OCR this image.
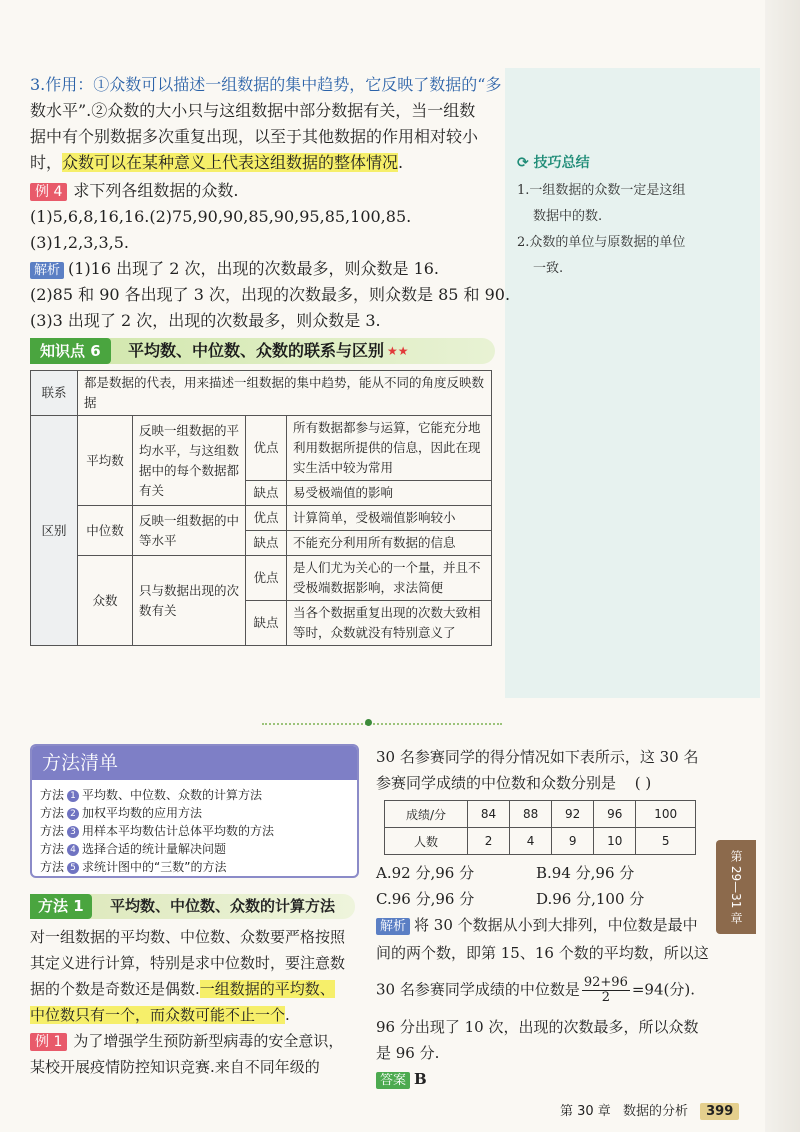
3.作用：①众数可以描述一组数据的集中趋势，它反映了数据的“多
数水平”.②众数的大小只与这组数据中部分数据有关，当一组数
据中有个别数据多次重复出现，以至于其他数据的作用相对较小
时，众数可以在某种意义上代表这组数据的整体情况.
例 4 求下列各组数据的众数.
(1)5,6,8,16,16.(2)75,90,90,85,90,95,85,100,85.
(3)1,2,3,3,5.
解析 (1)16 出现了 2 次，出现的次数最多，则众数是 16.
(2)85 和 90 各出现了 3 次，出现的次数最多，则众数是 85 和 90.
(3)3 出现了 2 次，出现的次数最多，则众数是 3.
⟳ 技巧总结
1.一组数据的众数一定是这组
数据中的数.
2.众数的单位与原数据的单位
一致.
知识点 6	平均数、中位数、众数的联系与区别 ★★
联系	都是数据的代表，用来描述一组数据的集中趋势，能从不同的角度反映数据			
区别	平均数	反映一组数据的平均水平，与这组数据中的每个数据都有关	优点	所有数据都参与运算，它能充分地利用数据所提供的信息，因此在现实生活中较为常用
			缺点	易受极端值的影响
	中位数	反映一组数据的中等水平	优点	计算简单，受极端值影响较小
			缺点	不能充分利用所有数据的信息
	众数	只与数据出现的次数有关	优点	是人们尤为关心的一个量，并且不受极端数据影响，求法简便
			缺点	当各个数据重复出现的次数大致相等时，众数就没有特别意义了
方法清单
方法 1 平均数、中位数、众数的计算方法
方法 2 加权平均数的应用方法
方法 3 用样本平均数估计总体平均数的方法
方法 4 选择合适的统计量解决问题
方法 5 求统计图中的“三数”的方法
方法 1	平均数、中位数、众数的计算方法
对一组数据的平均数、中位数、众数要严格按照
其定义进行计算，特别是求中位数时，要注意数
据的个数是奇数还是偶数.一组数据的平均数、
中位数只有一个，而众数可能不止一个.
例 1 为了增强学生预防新型病毒的安全意识，
某校开展疫情防控知识竞赛.来自不同年级的
30 名参赛同学的得分情况如下表所示，这 30 名
参赛同学成绩的中位数和众数分别是 ( )
成绩/分	84	88	92	96	100
人数	2	4	9	10	5
A.92 分,96 分	B.94 分,96 分
C.96 分,96 分	D.96 分,100 分
解析 将 30 个数据从小到大排列，中位数是最中
间的两个数，即第 15、16 个数的平均数，所以这
30 名参赛同学成绩的中位数是 $\frac{92+96}{2} =94$(分).
96 分出现了 10 次，出现的次数最多，所以众数
是 96 分.
答案 B
第 29—31 章
第 30 章 数据的分析 399
